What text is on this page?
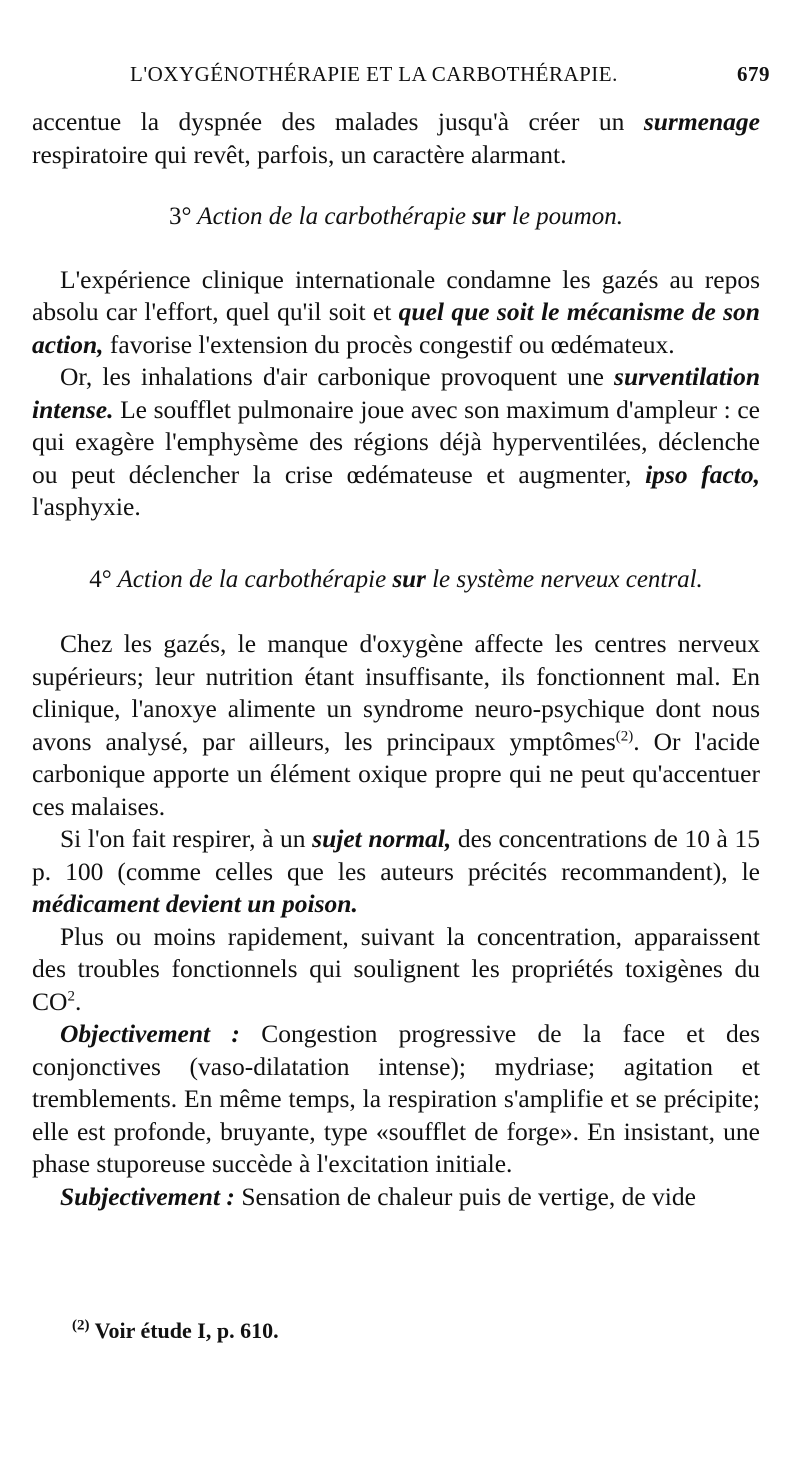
L'OXYGÉNOTHÉRAPIE ET LA CARBOTHÉRAPIE.	679

accentue la dyspnée des malades jusqu'à créer un surmenage respiratoire qui revêt, parfois, un caractère alarmant.

3° Action de la carbothérapie sur le poumon.

L'expérience clinique internationale condamne les gazés au repos absolu car l'effort, quel qu'il soit et quel que soit le mécanisme de son action, favorise l'extension du procès congestif ou œdémateux.

Or, les inhalations d'air carbonique provoquent une surventilation intense. Le soufflet pulmonaire joue avec son maximum d'ampleur : ce qui exagère l'emphysème des régions déjà hyperventilées, déclenche ou peut déclencher la crise œdémateuse et augmenter, ipso facto, l'asphyxie.

4° Action de la carbothérapie sur le système nerveux central.

Chez les gazés, le manque d'oxygène affecte les centres nerveux supérieurs; leur nutrition étant insuffisante, ils fonctionnent mal. En clinique, l'anoxye alimente un syndrome neuro-psychique dont nous avons analysé, par ailleurs, les principaux ymptômes$^{(2)}$. Or l'acide carbonique apporte un élément oxique propre qui ne peut qu'accentuer ces malaises.

Si l'on fait respirer, à un sujet normal, des concentrations de 10 à 15 p. 100 (comme celles que les auteurs précités recommandent), le médicament devient un poison.

Plus ou moins rapidement, suivant la concentration, apparaissent des troubles fonctionnels qui soulignent les propriétés toxigènes du $CO^2$.

Objectivement : Congestion progressive de la face et des conjonctives (vaso-dilatation intense); mydriase; agitation et tremblements. En même temps, la respiration s'amplifie et se précipite; elle est profonde, bruyante, type «soufflet de forge». En insistant, une phase stuporeuse succède à l'excitation initiale.

Subjectivement : Sensation de chaleur puis de vertige, de vide

$^{(2)}$ Voir étude I, p. 610.
